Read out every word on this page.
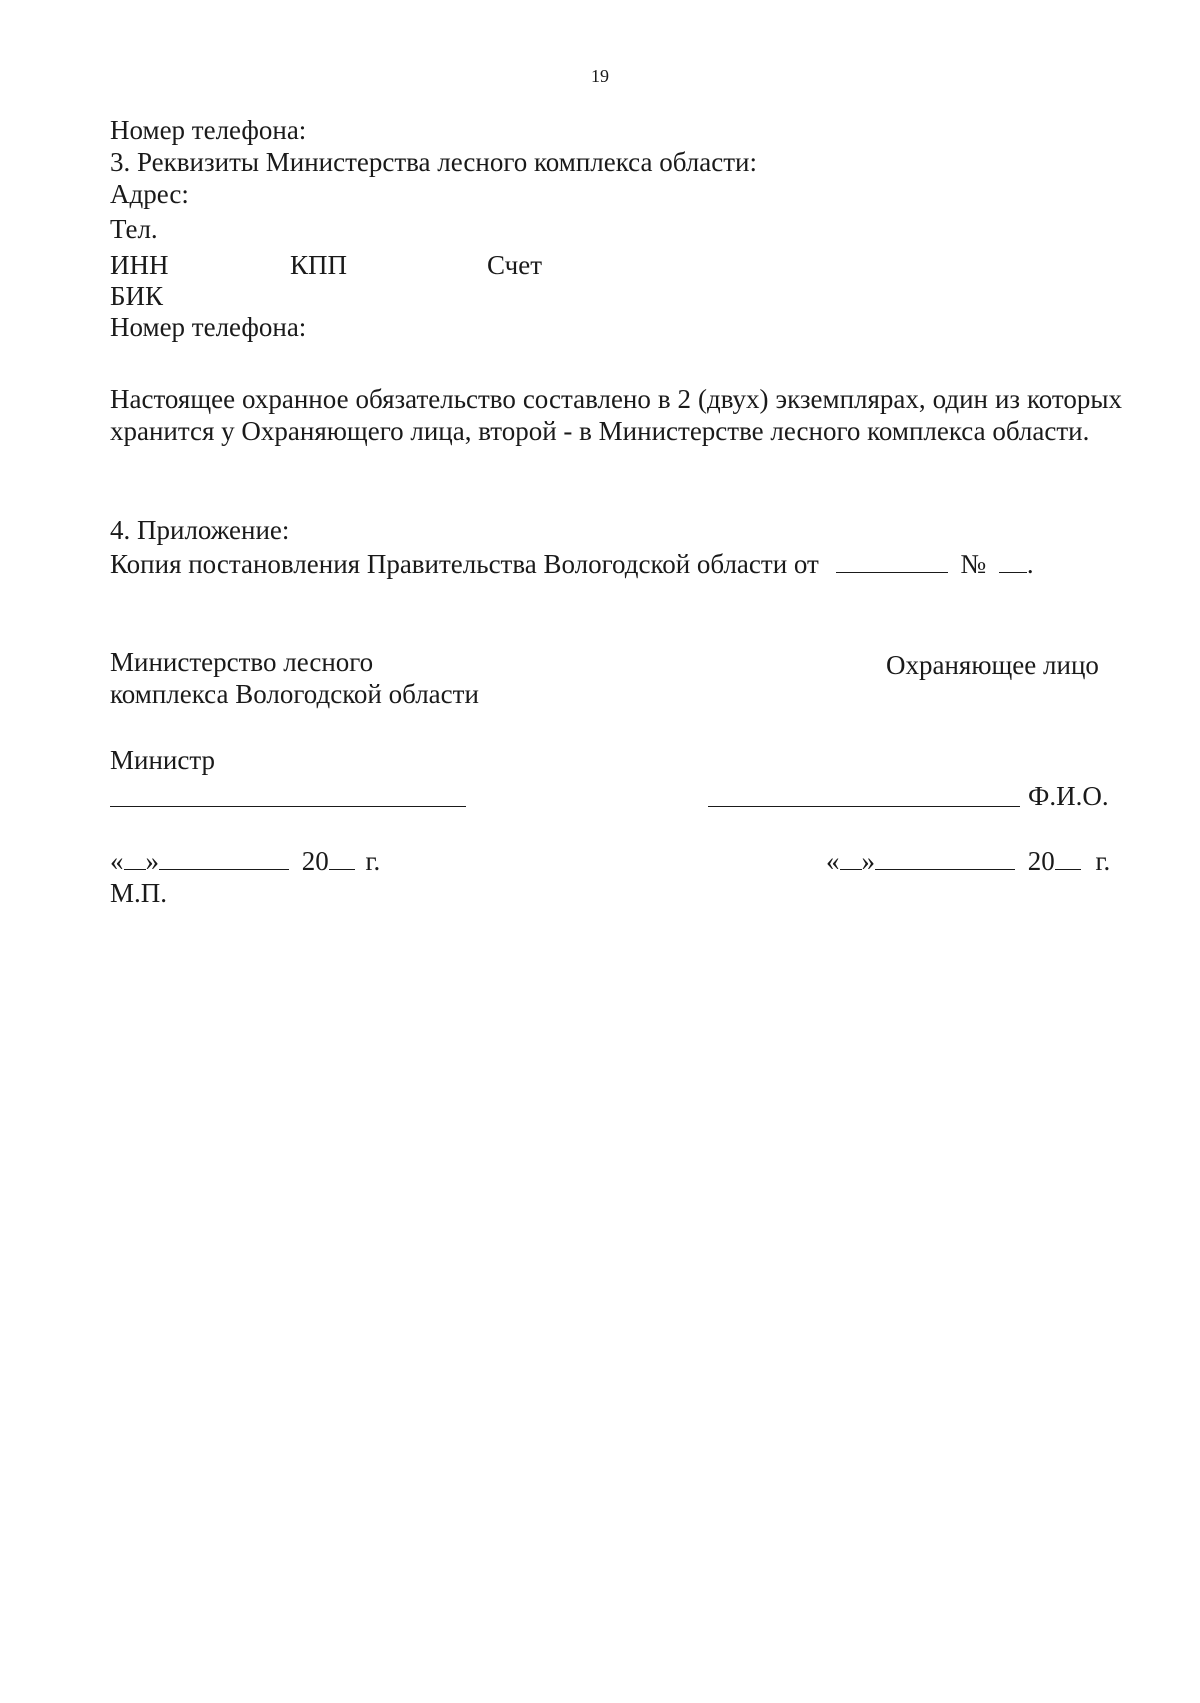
19
Номер телефона:
3. Реквизиты Министерства лесного комплекса области:
Адрес:
Тел.
ИНН	КПП	Счет
БИК
Номер телефона:
Настоящее охранное обязательство составлено в 2 (двух) экземплярах, один из которых хранится у Охраняющего лица, второй - в Министерстве лесного комплекса области.
4. Приложение:
Копия постановления Правительства Вологодской области от	№ .
Министерство лесного
комплекса Вологодской области
Охраняющее лицо
Министр
Ф.И.О.
« »	20 г.	« »	20 г.
М.П.
